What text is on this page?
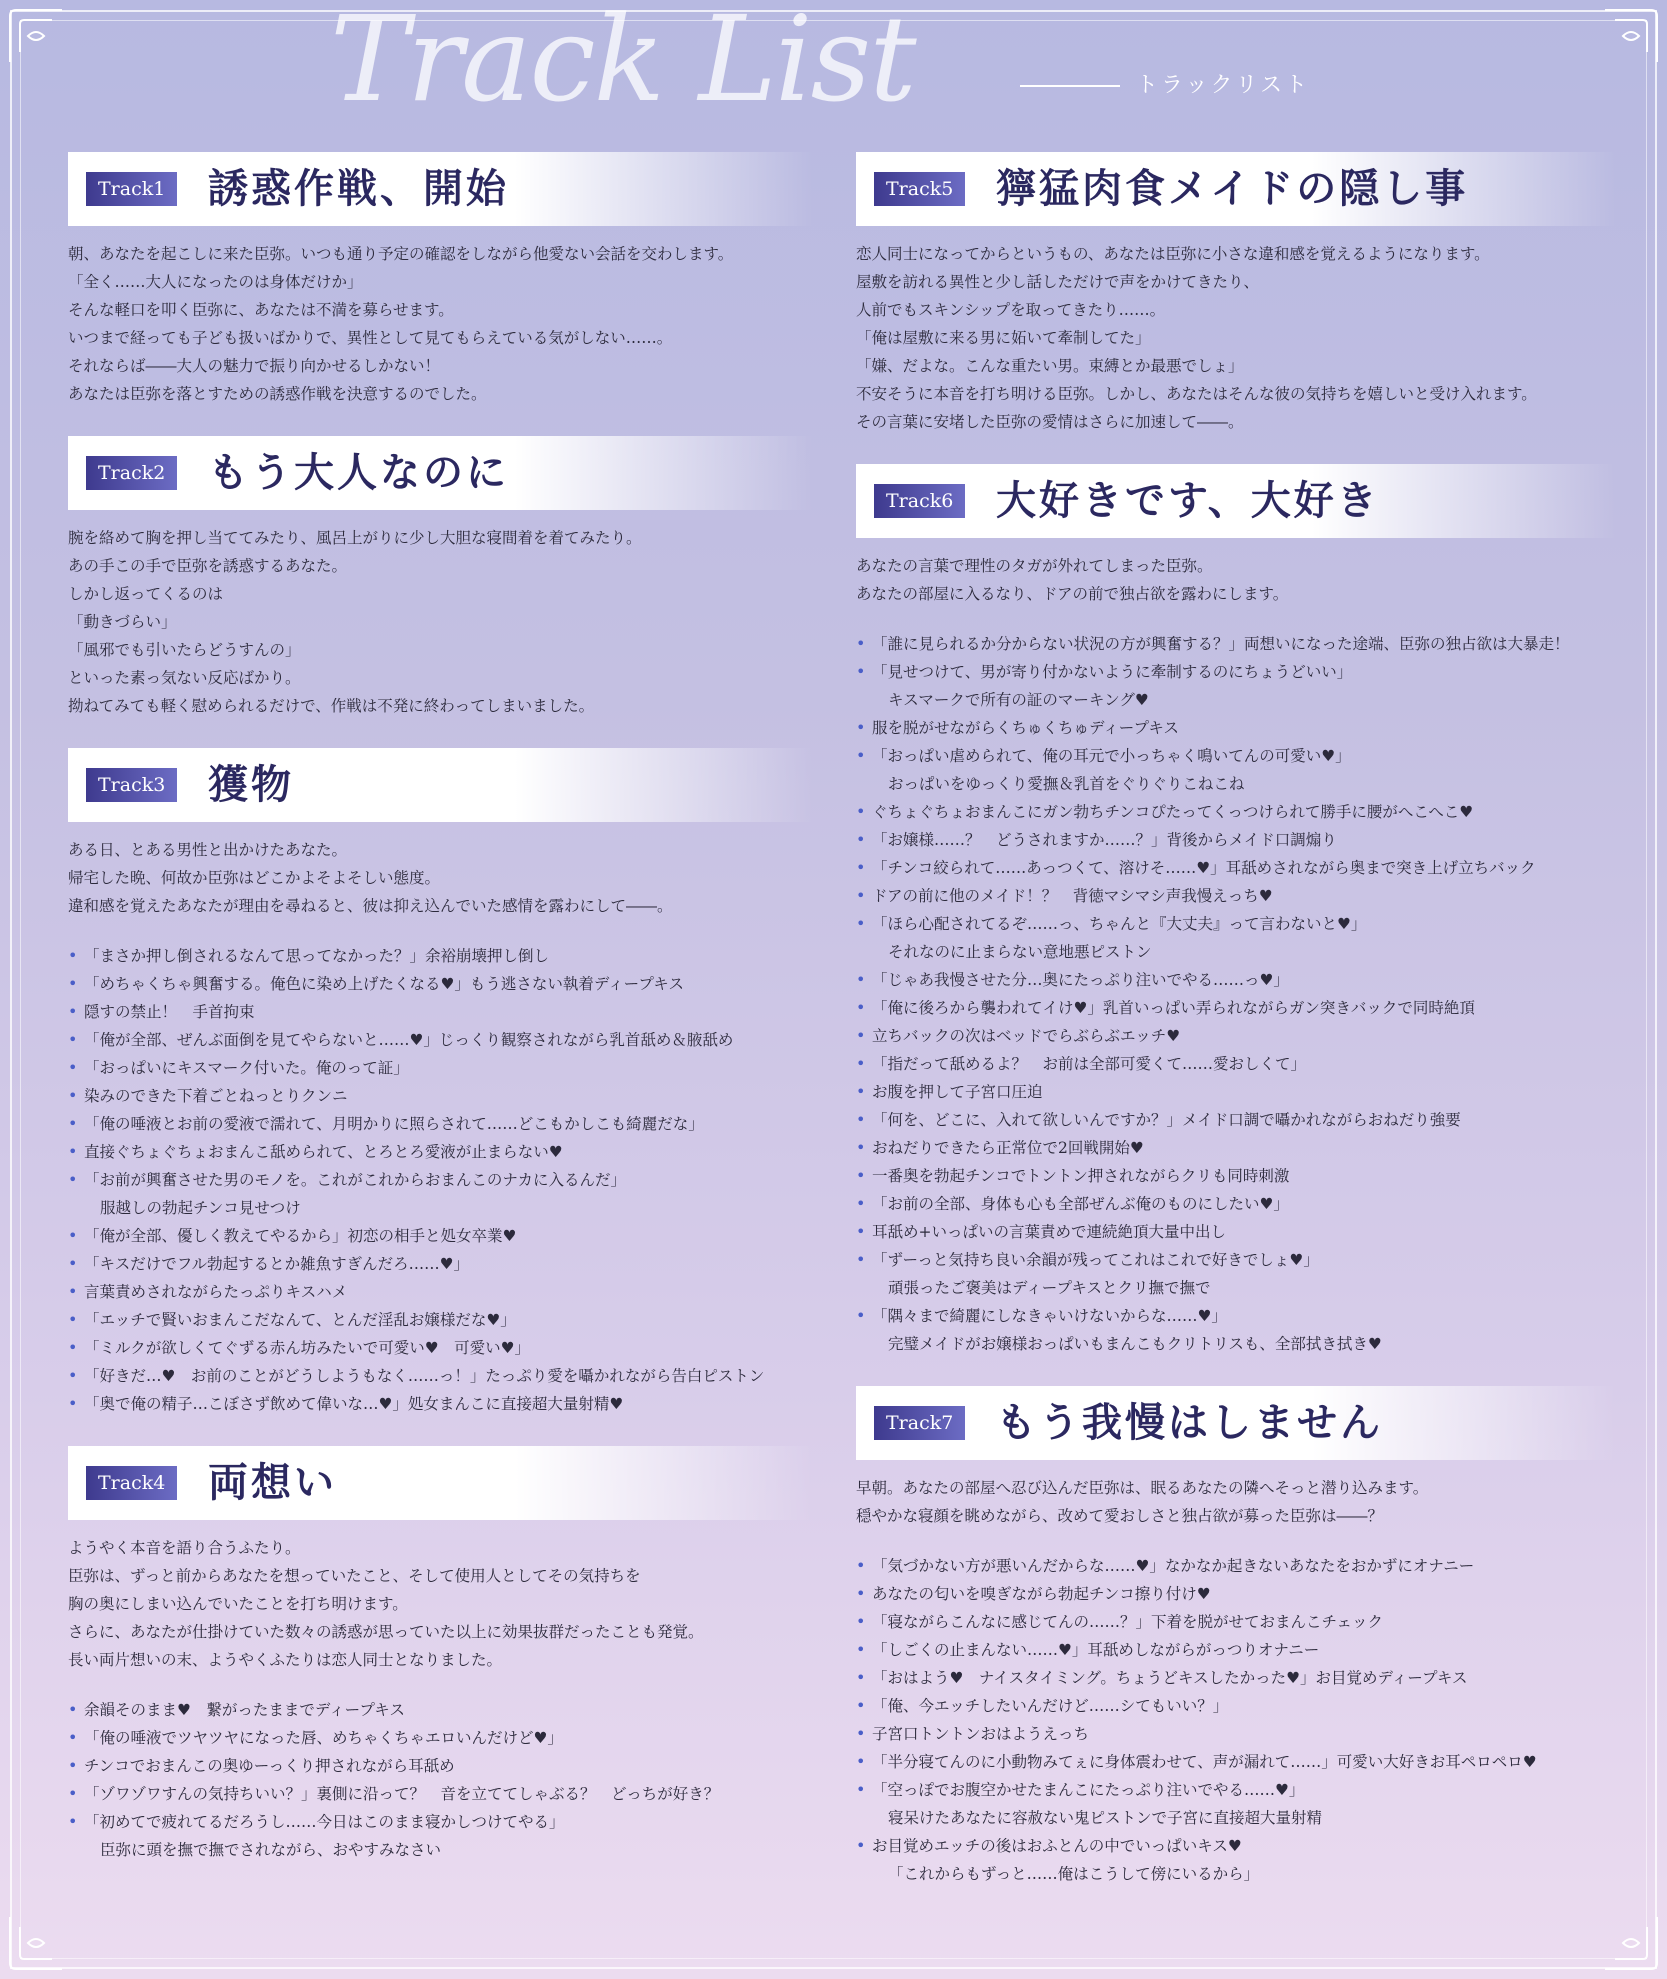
Track List	トラックリスト
Track1	誘惑作戦、開始

朝、あなたを起こしに来た臣弥。いつも通り予定の確認をしながら他愛ない会話を交わします。

「全く……大人になったのは身体だけか」

そんな軽口を叩く臣弥に、あなたは不満を募らせます。

いつまで経っても子ども扱いばかりで、異性として見てもらえている気がしない……。

それならば――大人の魅力で振り向かせるしかない！

あなたは臣弥を落とすための誘惑作戦を決意するのでした。

Track2	もう大人なのに

腕を絡めて胸を押し当ててみたり、風呂上がりに少し大胆な寝間着を着てみたり。

あの手この手で臣弥を誘惑するあなた。

しかし返ってくるのは

「動きづらい」

「風邪でも引いたらどうすんの」

といった素っ気ない反応ばかり。

拗ねてみても軽く慰められるだけで、作戦は不発に終わってしまいました。

Track3	獲物

ある日、とある男性と出かけたあなた。

帰宅した晩、何故か臣弥はどこかよそよそしい態度。

違和感を覚えたあなたが理由を尋ねると、彼は抑え込んでいた感情を露わにして――。

• 「まさか押し倒されるなんて思ってなかった？」余裕崩壊押し倒し
• 「めちゃくちゃ興奮する。俺色に染め上げたくなる♥」もう逃さない執着ディープキス
• 隠すの禁止！　手首拘束
• 「俺が全部、ぜんぶ面倒を見てやらないと……♥」じっくり観察されながら乳首舐め＆腋舐め
• 「おっぱいにキスマーク付いた。俺のって証」
• 染みのできた下着ごとねっとりクンニ
• 「俺の唾液とお前の愛液で濡れて、月明かりに照らされて……どこもかしこも綺麗だな」
• 直接ぐちょぐちょおまんこ舐められて、とろとろ愛液が止まらない♥
• 「お前が興奮させた男のモノを。これがこれからおまんこのナカに入るんだ」
服越しの勃起チンコ見せつけ
• 「俺が全部、優しく教えてやるから」初恋の相手と処女卒業♥
• 「キスだけでフル勃起するとか雑魚すぎんだろ……♥」
• 言葉責めされながらたっぷりキスハメ
• 「エッチで賢いおまんこだなんて、とんだ淫乱お嬢様だな♥」
• 「ミルクが欲しくてぐずる赤ん坊みたいで可愛い♥　可愛い♥」
• 「好きだ…♥　お前のことがどうしようもなく……っ！」たっぷり愛を囁かれながら告白ピストン
• 「奥で俺の精子…こぼさず飲めて偉いな…♥」処女まんこに直接超大量射精♥
Track4	両想い

ようやく本音を語り合うふたり。

臣弥は、ずっと前からあなたを想っていたこと、そして使用人としてその気持ちを

胸の奥にしまい込んでいたことを打ち明けます。

さらに、あなたが仕掛けていた数々の誘惑が思っていた以上に効果抜群だったことも発覚。

長い両片想いの末、ようやくふたりは恋人同士となりました。

• 余韻そのまま♥　繋がったままでディープキス
• 「俺の唾液でツヤツヤになった唇、めちゃくちゃエロいんだけど♥」
• チンコでおまんこの奥ゆーっくり押されながら耳舐め
• 「ゾワゾワすんの気持ちいい？」裏側に沿って？　音を立ててしゃぶる？　どっちが好き？
• 「初めてで疲れてるだろうし……今日はこのまま寝かしつけてやる」
臣弥に頭を撫で撫でされながら、おやすみなさい
Track5	獰猛肉食メイドの隠し事

恋人同士になってからというもの、あなたは臣弥に小さな違和感を覚えるようになります。

屋敷を訪れる異性と少し話しただけで声をかけてきたり、

人前でもスキンシップを取ってきたり……。

「俺は屋敷に来る男に妬いて牽制してた」

「嫌、だよな。こんな重たい男。束縛とか最悪でしょ」

不安そうに本音を打ち明ける臣弥。しかし、あなたはそんな彼の気持ちを嬉しいと受け入れます。

その言葉に安堵した臣弥の愛情はさらに加速して――。

Track6	大好きです、大好き

あなたの言葉で理性のタガが外れてしまった臣弥。

あなたの部屋に入るなり、ドアの前で独占欲を露わにします。

• 「誰に見られるか分からない状況の方が興奮する？」両想いになった途端、臣弥の独占欲は大暴走！
• 「見せつけて、男が寄り付かないように牽制するのにちょうどいい」
キスマークで所有の証のマーキング♥
• 服を脱がせながらくちゅくちゅディープキス
• 「おっぱい虐められて、俺の耳元で小っちゃく鳴いてんの可愛い♥」
おっぱいをゆっくり愛撫＆乳首をぐりぐりこねこね
• ぐちょぐちょおまんこにガン勃ちチンコぴたってくっつけられて勝手に腰がへこへこ♥
• 「お嬢様……？　どうされますか……？」背後からメイド口調煽り
• 「チンコ絞られて……あっつくて、溶けそ……♥」耳舐めされながら奥まで突き上げ立ちバック
• ドアの前に他のメイド！？　背徳マシマシ声我慢えっち♥
• 「ほら心配されてるぞ……っ、ちゃんと『大丈夫』って言わないと♥」
それなのに止まらない意地悪ピストン
• 「じゃあ我慢させた分…奥にたっぷり注いでやる……っ♥」
• 「俺に後ろから襲われてイけ♥」乳首いっぱい弄られながらガン突きバックで同時絶頂
• 立ちバックの次はベッドでらぶらぶエッチ♥
• 「指だって舐めるよ？　お前は全部可愛くて……愛おしくて」
• お腹を押して子宮口圧迫
• 「何を、どこに、入れて欲しいんですか？」メイド口調で囁かれながらおねだり強要
• おねだりできたら正常位で2回戦開始♥
• 一番奥を勃起チンコでトントン押されながらクリも同時刺激
• 「お前の全部、身体も心も全部ぜんぶ俺のものにしたい♥」
• 耳舐め+いっぱいの言葉責めで連続絶頂大量中出し
• 「ずーっと気持ち良い余韻が残ってこれはこれで好きでしょ♥」
頑張ったご褒美はディープキスとクリ撫で撫で
• 「隅々まで綺麗にしなきゃいけないからな……♥」
完璧メイドがお嬢様おっぱいもまんこもクリトリスも、全部拭き拭き♥
Track7	もう我慢はしません

早朝。あなたの部屋へ忍び込んだ臣弥は、眠るあなたの隣へそっと潜り込みます。

穏やかな寝顔を眺めながら、改めて愛おしさと独占欲が募った臣弥は――？

• 「気づかない方が悪いんだからな……♥」なかなか起きないあなたをおかずにオナニー
• あなたの匂いを嗅ぎながら勃起チンコ擦り付け♥
• 「寝ながらこんなに感じてんの……？」下着を脱がせておまんこチェック
• 「しごくの止まんない……♥」耳舐めしながらがっつりオナニー
• 「おはよう♥　ナイスタイミング。ちょうどキスしたかった♥」お目覚めディープキス
• 「俺、今エッチしたいんだけど……シてもいい？」
• 子宮口トントンおはようえっち
• 「半分寝てんのに小動物みてぇに身体震わせて、声が漏れて……」可愛い大好きお耳ペロペロ♥
• 「空っぽでお腹空かせたまんこにたっぷり注いでやる……♥」
寝呆けたあなたに容赦ない鬼ピストンで子宮に直接超大量射精
• お目覚めエッチの後はおふとんの中でいっぱいキス♥
「これからもずっと……俺はこうして傍にいるから」
